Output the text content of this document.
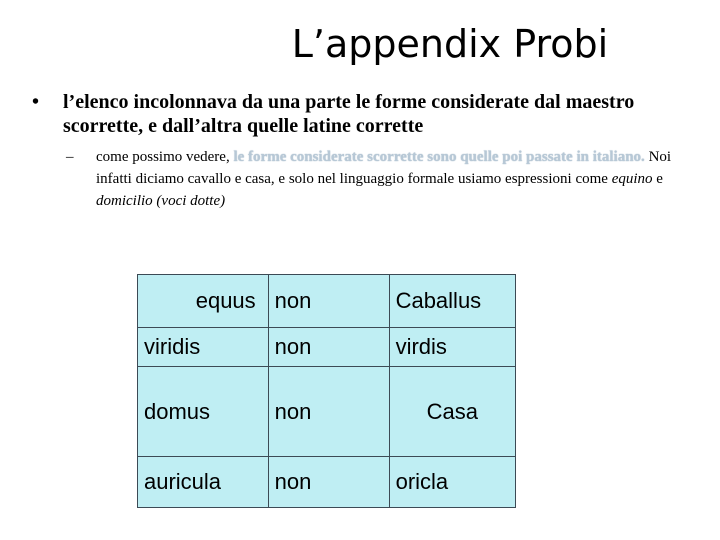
L’appendix Probi
• l’elenco incolonnava da una parte le forme considerate dal maestro scorrette, e dall’altra quelle latine corrette
– come possimo vedere, le forme considerate scorrette sono quelle poi passate in italiano. Noi infatti diciamo cavallo e casa, e solo nel linguaggio formale usiamo espressioni come equino e domicilio (voci dotte)
equus	non	Caballus
viridis	non	virdis
domus	non	Casa
auricula	non	oricla
